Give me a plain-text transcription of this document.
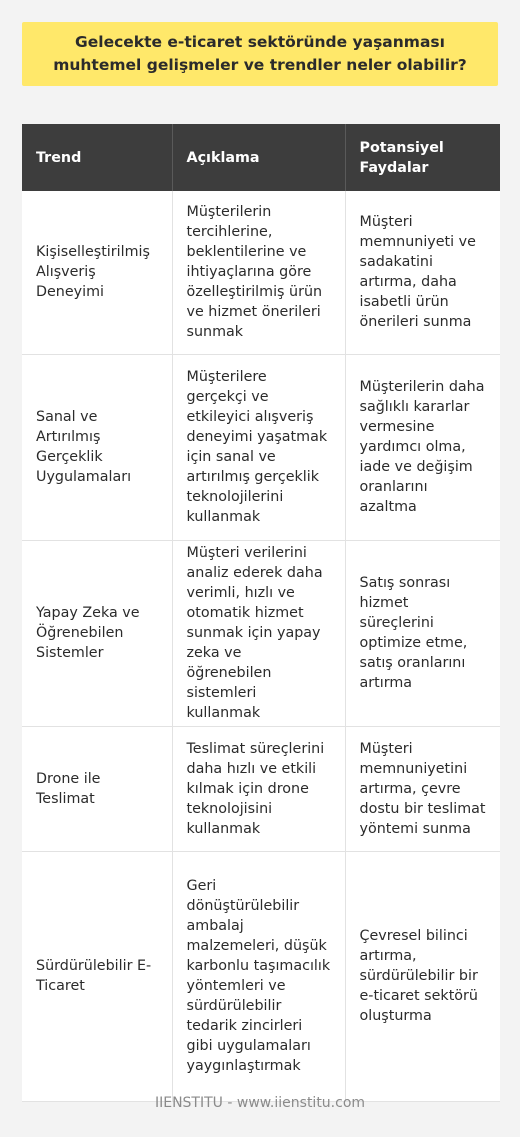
Gelecekte e-ticaret sektöründe yaşanması muhtemel gelişmeler ve trendler neler olabilir?
Trend	Açıklama	Potansiyel Faydalar
Kişiselleştirilmiş Alışveriş Deneyimi	Müşterilerin tercihlerine, beklentilerine ve ihtiyaçlarına göre özelleştirilmiş ürün ve hizmet önerileri sunmak	Müşteri memnuniyeti ve sadakatini artırma, daha isabetli ürün önerileri sunma
Sanal ve Artırılmış Gerçeklik Uygulamaları	Müşterilere gerçekçi ve etkileyici alışveriş deneyimi yaşatmak için sanal ve artırılmış gerçeklik teknolojilerini kullanmak	Müşterilerin daha sağlıklı kararlar vermesine yardımcı olma, iade ve değişim oranlarını azaltma
Yapay Zeka ve Öğrenebilen Sistemler	Müşteri verilerini analiz ederek daha verimli, hızlı ve otomatik hizmet sunmak için yapay zeka ve öğrenebilen sistemleri kullanmak	Satış sonrası hizmet süreçlerini optimize etme, satış oranlarını artırma
Drone ile Teslimat	Teslimat süreçlerini daha hızlı ve etkili kılmak için drone teknolojisini kullanmak	Müşteri memnuniyetini artırma, çevre dostu bir teslimat yöntemi sunma
Sürdürülebilir E-Ticaret	Geri dönüştürülebilir ambalaj malzemeleri, düşük karbonlu taşımacılık yöntemleri ve sürdürülebilir tedarik zincirleri gibi uygulamaları yaygınlaştırmak	Çevresel bilinci artırma, sürdürülebilir bir e-ticaret sektörü oluşturma
IIENSTITU - www.iienstitu.com
